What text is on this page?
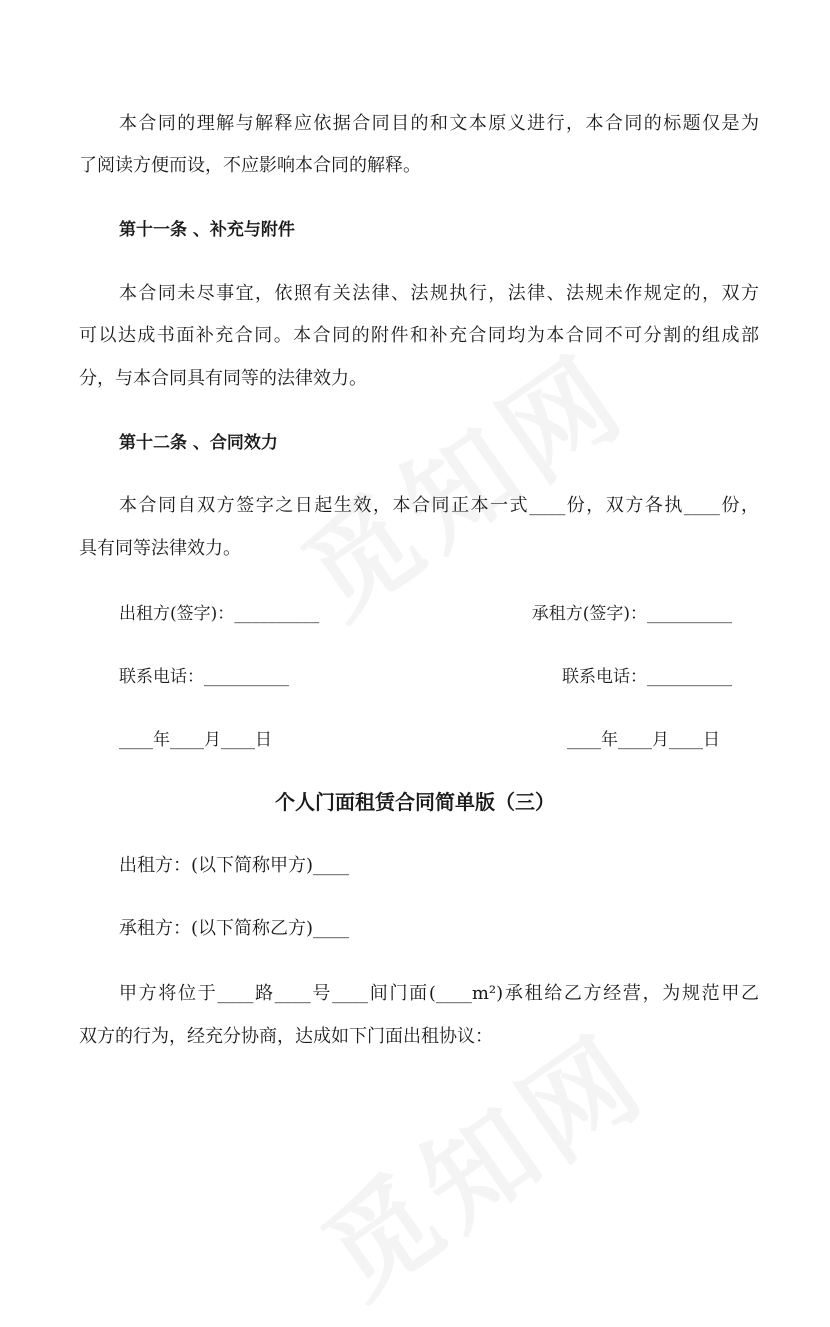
本合同的理解与解释应依据合同目的和文本原义进行，本合同的标题仅是为
了阅读方便而设，不应影响本合同的解释。
第十一条 、补充与附件
本合同未尽事宜，依照有关法律、法规执行，法律、法规未作规定的，双方
可以达成书面补充合同。本合同的附件和补充合同均为本合同不可分割的组成部
分，与本合同具有同等的法律效力。
第十二条 、合同效力
本合同自双方签字之日起生效，本合同正本一式____份，双方各执____份，
具有同等法律效力。
出租方(签字)：__________	承租方(签字)：__________
联系电话：__________	联系电话：__________
____年____月____日	____年____月____日
个人门面租赁合同简单版（三）
出租方：(以下简称甲方)____
承租方：(以下简称乙方)____
甲方将位于____路____号____间门面(____m²)承租给乙方经营，为规范甲乙
双方的行为，经充分协商，达成如下门面出租协议：
